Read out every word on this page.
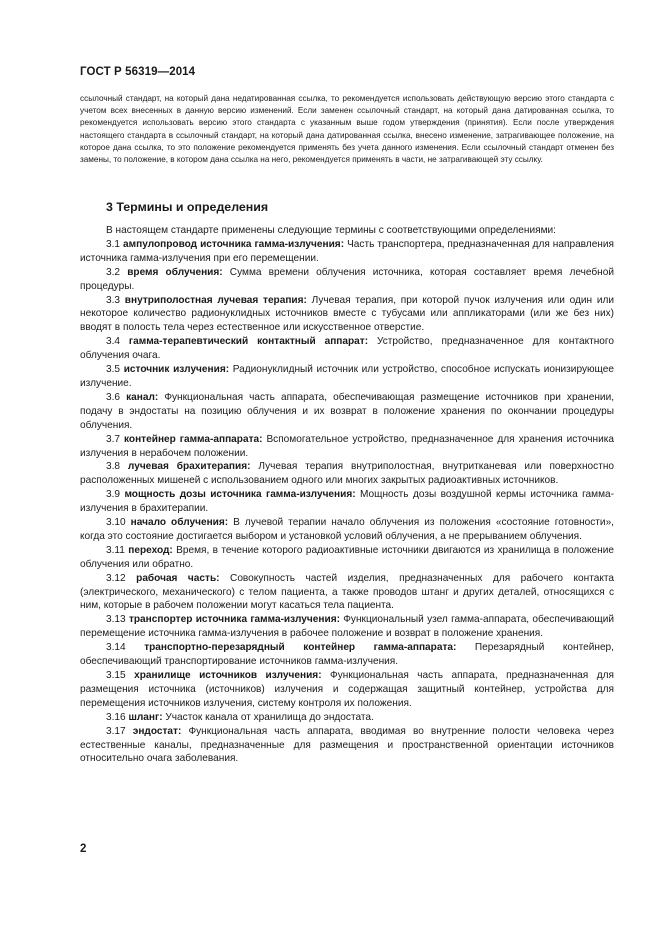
ГОСТ Р 56319—2014

ссылочный стандарт, на который дана недатированная ссылка, то рекомендуется использовать действующую версию этого стандарта с учетом всех внесенных в данную версию изменений. Если заменен ссылочный стандарт, на который дана датированная ссылка, то рекомендуется использовать версию этого стандарта с указанным выше годом утверждения (принятия). Если после утверждения настоящего стандарта в ссылочный стандарт, на который дана датированная ссылка, внесено изменение, затрагивающее положение, на которое дана ссылка, то это положение рекомендуется применять без учета данного изменения. Если ссылочный стандарт отменен без замены, то положение, в котором дана ссылка на него, рекомендуется применять в части, не затрагивающей эту ссылку.

3 Термины и определения

В настоящем стандарте применены следующие термины с соответствующими определениями:

3.1 ампулопровод источника гамма-излучения: Часть транспортера, предназначенная для направления источника гамма-излучения при его перемещении.

3.2 время облучения: Сумма времени облучения источника, которая составляет время лечебной процедуры.

3.3 внутриполостная лучевая терапия: Лучевая терапия, при которой пучок излучения или один или некоторое количество радионуклидных источников вместе с тубусами или аппликаторами (или же без них) вводят в полость тела через естественное или искусственное отверстие.

3.4 гамма-терапевтический контактный аппарат: Устройство, предназначенное для контактного облучения очага.

3.5 источник излучения: Радионуклидный источник или устройство, способное испускать ионизирующее излучение.

3.6 канал: Функциональная часть аппарата, обеспечивающая размещение источников при хранении, подачу в эндостаты на позицию облучения и их возврат в положение хранения по окончании процедуры облучения.

3.7 контейнер гамма-аппарата: Вспомогательное устройство, предназначенное для хранения источника излучения в нерабочем положении.

3.8 лучевая брахитерапия: Лучевая терапия внутриполостная, внутритканевая или поверхностно расположенных мишеней с использованием одного или многих закрытых радиоактивных источников.

3.9 мощность дозы источника гамма-излучения: Мощность дозы воздушной кермы источника гамма-излучения в брахитерапии.

3.10 начало облучения: В лучевой терапии начало облучения из положения «состояние готовности», когда это состояние достигается выбором и установкой условий облучения, а не прерыванием облучения.

3.11 переход: Время, в течение которого радиоактивные источники двигаются из хранилища в положение облучения или обратно.

3.12 рабочая часть: Совокупность частей изделия, предназначенных для рабочего контакта (электрического, механического) с телом пациента, а также проводов штанг и других деталей, относящихся с ним, которые в рабочем положении могут касаться тела пациента.

3.13 транспортер источника гамма-излучения: Функциональный узел гамма-аппарата, обеспечивающий перемещение источника гамма-излучения в рабочее положение и возврат в положение хранения.

3.14 транспортно-перезарядный контейнер гамма-аппарата: Перезарядный контейнер, обеспечивающий транспортирование источников гамма-излучения.

3.15 хранилище источников излучения: Функциональная часть аппарата, предназначенная для размещения источника (источников) излучения и содержащая защитный контейнер, устройства для перемещения источников излучения, систему контроля их положения.

3.16 шланг: Участок канала от хранилища до эндостата.

3.17 эндостат: Функциональная часть аппарата, вводимая во внутренние полости человека через естественные каналы, предназначенные для размещения и пространственной ориентации источников относительно очага заболевания.

2
